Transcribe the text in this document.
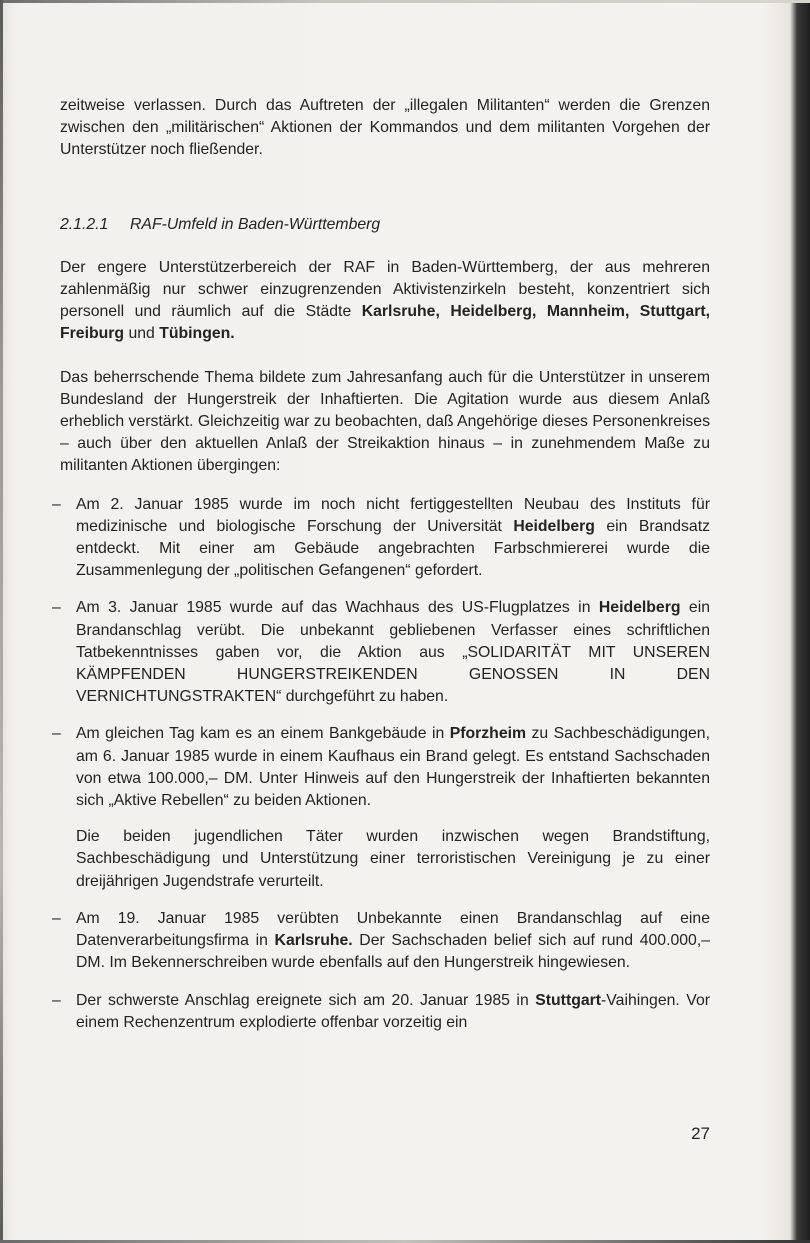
zeitweise verlassen. Durch das Auftreten der „illegalen Militanten“ werden die Grenzen zwischen den „militärischen“ Aktionen der Kommandos und dem militanten Vorgehen der Unterstützer noch fließender.

2.1.2.1 RAF-Umfeld in Baden-Württemberg

Der engere Unterstützerbereich der RAF in Baden-Württemberg, der aus mehreren zahlenmäßig nur schwer einzugrenzenden Aktivistenzirkeln besteht, konzentriert sich personell und räumlich auf die Städte Karlsruhe, Heidelberg, Mannheim, Stuttgart, Freiburg und Tübingen.

Das beherrschende Thema bildete zum Jahresanfang auch für die Unterstützer in unserem Bundesland der Hungerstreik der Inhaftierten. Die Agitation wurde aus diesem Anlaß erheblich verstärkt. Gleichzeitig war zu beobachten, daß Angehörige dieses Personenkreises – auch über den aktuellen Anlaß der Streikaktion hinaus – in zunehmendem Maße zu militanten Aktionen übergingen:

– Am 2. Januar 1985 wurde im noch nicht fertiggestellten Neubau des Instituts für medizinische und biologische Forschung der Universität Heidelberg ein Brandsatz entdeckt. Mit einer am Gebäude angebrachten Farbschmiererei wurde die Zusammenlegung der „politischen Gefangenen“ gefordert.
– Am 3. Januar 1985 wurde auf das Wachhaus des US-Flugplatzes in Heidelberg ein Brandanschlag verübt. Die unbekannt gebliebenen Verfasser eines schriftlichen Tatbekenntnisses gaben vor, die Aktion aus „SOLIDARITÄT MIT UNSEREN KÄMPFENDEN HUNGERSTREIKENDEN GENOSSEN IN DEN VERNICHTUNGSTRAKTEN“ durchgeführt zu haben.
– Am gleichen Tag kam es an einem Bankgebäude in Pforzheim zu Sachbeschädigungen, am 6. Januar 1985 wurde in einem Kaufhaus ein Brand gelegt. Es entstand Sachschaden von etwa 100.000,– DM. Unter Hinweis auf den Hungerstreik der Inhaftierten bekannten sich „Aktive Rebellen“ zu beiden Aktionen.

Die beiden jugendlichen Täter wurden inzwischen wegen Brandstiftung, Sachbeschädigung und Unterstützung einer terroristischen Vereinigung je zu einer dreijährigen Jugendstrafe verurteilt.

– Am 19. Januar 1985 verübten Unbekannte einen Brandanschlag auf eine Datenverarbeitungsfirma in Karlsruhe. Der Sachschaden belief sich auf rund 400.000,– DM. Im Bekennerschreiben wurde ebenfalls auf den Hungerstreik hingewiesen.
– Der schwerste Anschlag ereignete sich am 20. Januar 1985 in Stuttgart-Vaihingen. Vor einem Rechenzentrum explodierte offenbar vorzeitig ein
27
